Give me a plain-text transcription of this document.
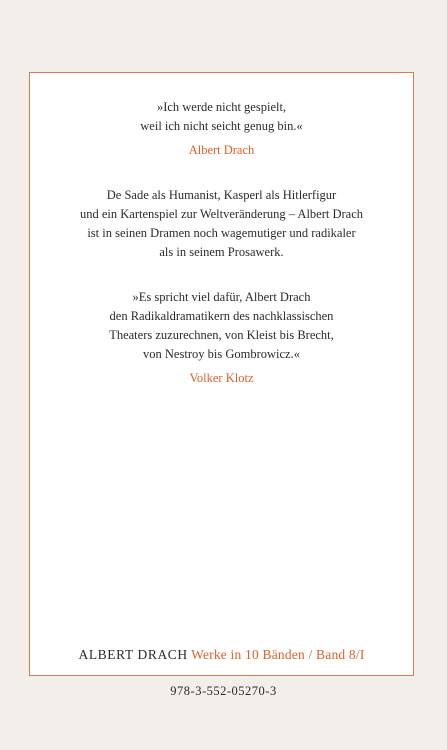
»Ich werde nicht gespielt,
weil ich nicht seicht genug bin.«
Albert Drach
De Sade als Humanist, Kasperl als Hitlerfigur
und ein Kartenspiel zur Weltveränderung – Albert Drach
ist in seinen Dramen noch wagemutiger und radikaler
als in seinem Prosawerk.
»Es spricht viel dafür, Albert Drach
den Radikaldramatikern des nachklassischen
Theaters zuzurechnen, von Kleist bis Brecht,
von Nestroy bis Gombrowicz.«
Volker Klotz
ALBERT DRACH Werke in 10 Bänden / Band 8/I
978-3-552-05270-3
